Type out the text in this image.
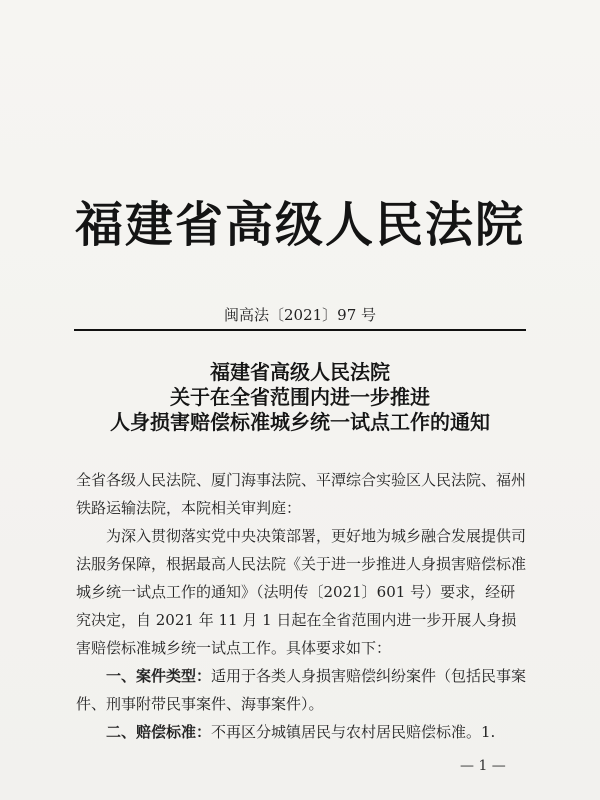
福建省高级人民法院
闽高法〔2021〕97 号
福建省高级人民法院
关于在全省范围内进一步推进
人身损害赔偿标准城乡统一试点工作的通知

全省各级人民法院、厦门海事法院、平潭综合实验区人民法院、福州铁路运输法院，本院相关审判庭：

为深入贯彻落实党中央决策部署，更好地为城乡融合发展提供司法服务保障，根据最高人民法院《关于进一步推进人身损害赔偿标准城乡统一试点工作的通知》（法明传〔2021〕601 号）要求，经研究决定，自 2021 年 11 月 1 日起在全省范围内进一步开展人身损害赔偿标准城乡统一试点工作。具体要求如下：

一、案件类型：适用于各类人身损害赔偿纠纷案件（包括民事案件、刑事附带民事案件、海事案件）。

二、赔偿标准：不再区分城镇居民与农村居民赔偿标准。1.

— 1 —
